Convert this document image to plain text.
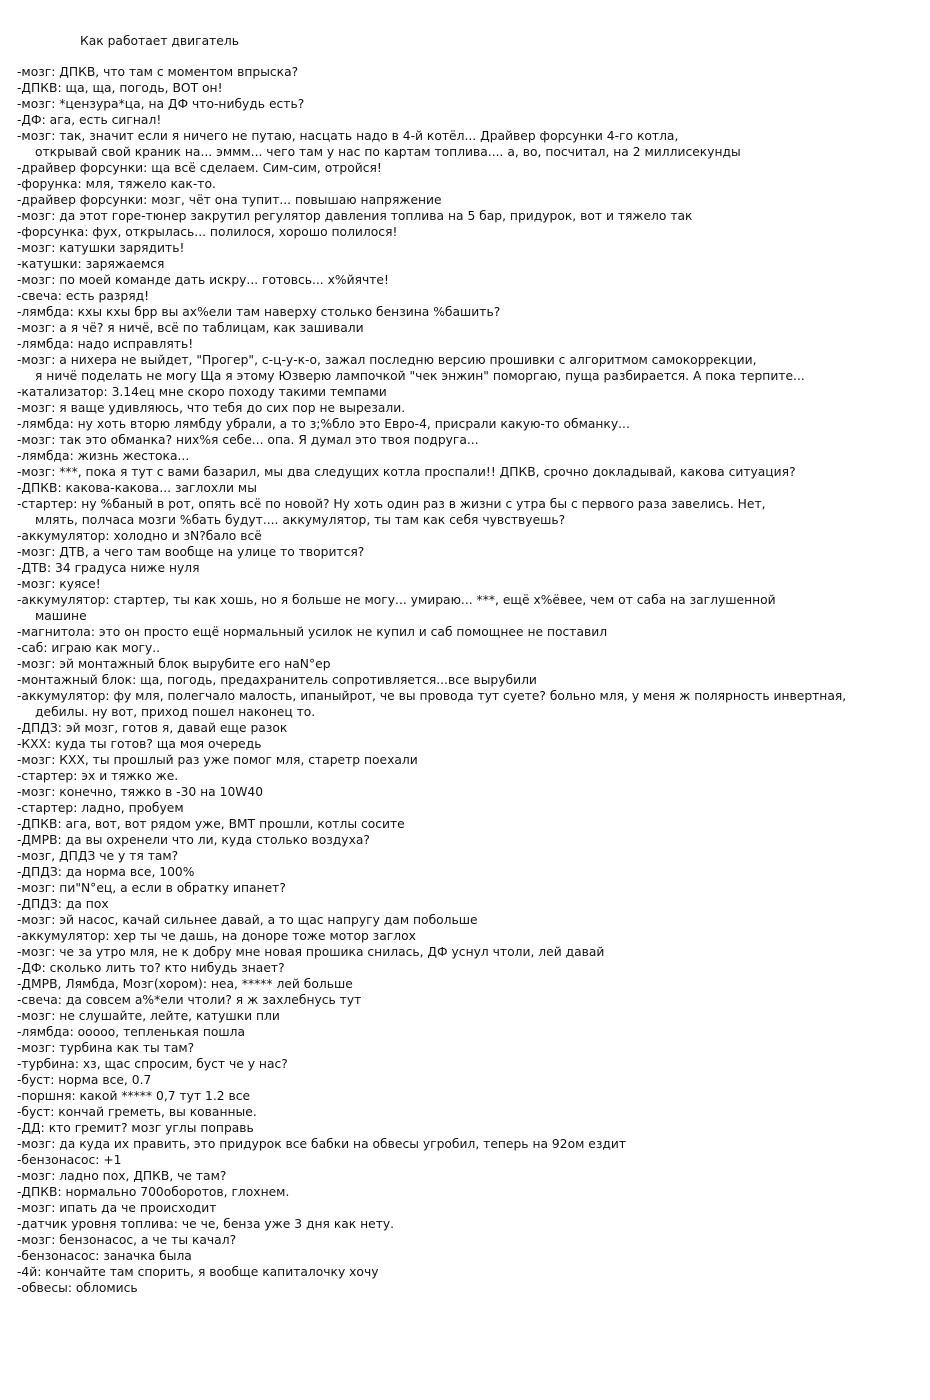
Как работает двигатель
-мозг: ДПКВ, что там с моментом впрыска?
-ДПКВ: ща, ща, погодь, ВОТ он!
-мозг: *цензура*ца, на ДФ что-нибудь есть?
-ДФ: ага, есть сигнал!
-мозг: так, значит если я ничего не путаю, насцать надо в 4-й котёл... Драйвер форсунки 4-го котла,
открывай свой краник на... эммм... чего там у нас по картам топлива.... а, во, посчитал, на 2 миллисекунды
-драйвер форсунки: ща всё сделаем. Сим-сим, отройся!
-форунка: мля, тяжело как-то.
-драйвер форсунки: мозг, чёт она тупит... повышаю напряжение
-мозг: да этот горе-тюнер закрутил регулятор давления топлива на 5 бар, придурок, вот и тяжело так
-форсунка: фух, открылась... полилося, хорошо полилося!
-мозг: катушки зарядить!
-катушки: заряжаемся
-мозг: по моей команде дать искру... готовсь... х%йячте!
-свеча: есть разряд!
-лямбда: кхы кхы брр вы ах%ели там наверху столько бензина %башить?
-мозг: а я чё? я ничё, всё по таблицам, как зашивали
-лямбда: надо исправлять!
-мозг: а нихера не выйдет, "Прогер", с-ц-у-к-о, зажал последню версию прошивки с алгоритмом самокоррекции,
я ничё поделать не могу Ща я этому Юзверю лампочкой "чек энжин" поморгаю, пуща разбирается. А пока терпите...
-катализатор: 3.14ец мне скоро походу такими темпами
-мозг: я ваще удивляюсь, что тебя до сих пор не вырезали.
-лямбда: ну хоть вторю лямбду убрали, а то з;%бло это Евро-4, присрали какую-то обманку...
-мозг: так это обманка? них%я себе... опа. Я думал это твоя подруга...
-лямбда: жизнь жестока...
-мозг: ***, пока я тут с вами базарил, мы два следущих котла проспали!! ДПКВ, срочно докладывай, какова ситуация?
-ДПКВ: какова-какова... заглохли мы
-стартер: ну %баный в рот, опять всё по новой? Ну хоть один раз в жизни с утра бы с первого раза завелись. Нет,
млять, полчаса мозги %бать будут.... аккумулятор, ты там как себя чувствуешь?
-аккумулятор: холодно и зN?бало всё
-мозг: ДТВ, а чего там вообще на улице то творится?
-ДТВ: 34 градуса ниже нуля
-мозг: куясе!
-аккумулятор: стартер, ты как хошь, но я больше не могу... умираю... ***, ещё х%ёвее, чем от саба на заглушенной
машине
-магнитола: это он просто ещё нормальный усилок не купил и саб помощнее не поставил
-саб: играю как могу..
-мозг: эй монтажный блок вырубите его наN°ер
-монтажный блок: ща, погодь, предахранитель сопротивляется...все вырубили
-аккумулятор: фу мля, полегчало малость, ипаныйрот, че вы провода тут суете? больно мля, у меня ж полярность инвертная,
дебилы. ну вот, приход пошел наконец то.
-ДПДЗ: эй мозг, готов я, давай еще разок
-КХХ: куда ты готов? ща моя очередь
-мозг: КХХ, ты прошлый раз уже помог мля, старетр поехали
-стартер: эх и тяжко же.
-мозг: конечно, тяжко в -30 на 10W40
-стартер: ладно, пробуем
-ДПКВ: ага, вот, вот рядом уже, ВМТ прошли, котлы сосите
-ДМРВ: да вы охренели что ли, куда столько воздуха?
-мозг, ДПДЗ че у тя там?
-ДПДЗ: да норма все, 100%
-мозг: пи"N°ец, а если в обратку ипанет?
-ДПДЗ: да пох
-мозг: эй насос, качай сильнее давай, а то щас напругу дам побольше
-аккумулятор: хер ты че дашь, на доноре тоже мотор заглох
-мозг: че за утро мля, не к добру мне новая прошика снилась, ДФ уснул чтоли, лей давай
-ДФ: сколько лить то? кто нибудь знает?
-ДМРВ, Лямбда, Мозг(хором): неа, ***** лей больше
-свеча: да совсем а%*ели чтоли? я ж захлебнусь тут
-мозг: не слушайте, лейте, катушки пли
-лямбда: ооооо, тепленькая пошла
-мозг: турбина как ты там?
-турбина: хз, щас спросим, буст че у нас?
-буст: норма все, 0.7
-поршня: какой ***** 0,7 тут 1.2 все
-буст: кончай греметь, вы кованные.
-ДД: кто гремит? мозг углы поправь
-мозг: да куда их править, это придурок все бабки на обвесы угробил, теперь на 92ом ездит
-бензонасос: +1
-мозг: ладно пох, ДПКВ, че там?
-ДПКВ: нормально 700оборотов, глохнем.
-мозг: ипать да че происходит
-датчик уровня топлива: че че, бенза уже 3 дня как нету.
-мозг: бензонасос, а че ты качал?
-бензонасос: заначка была
-4й: кончайте там спорить, я вообще капиталочку хочу
-обвесы: обломись
